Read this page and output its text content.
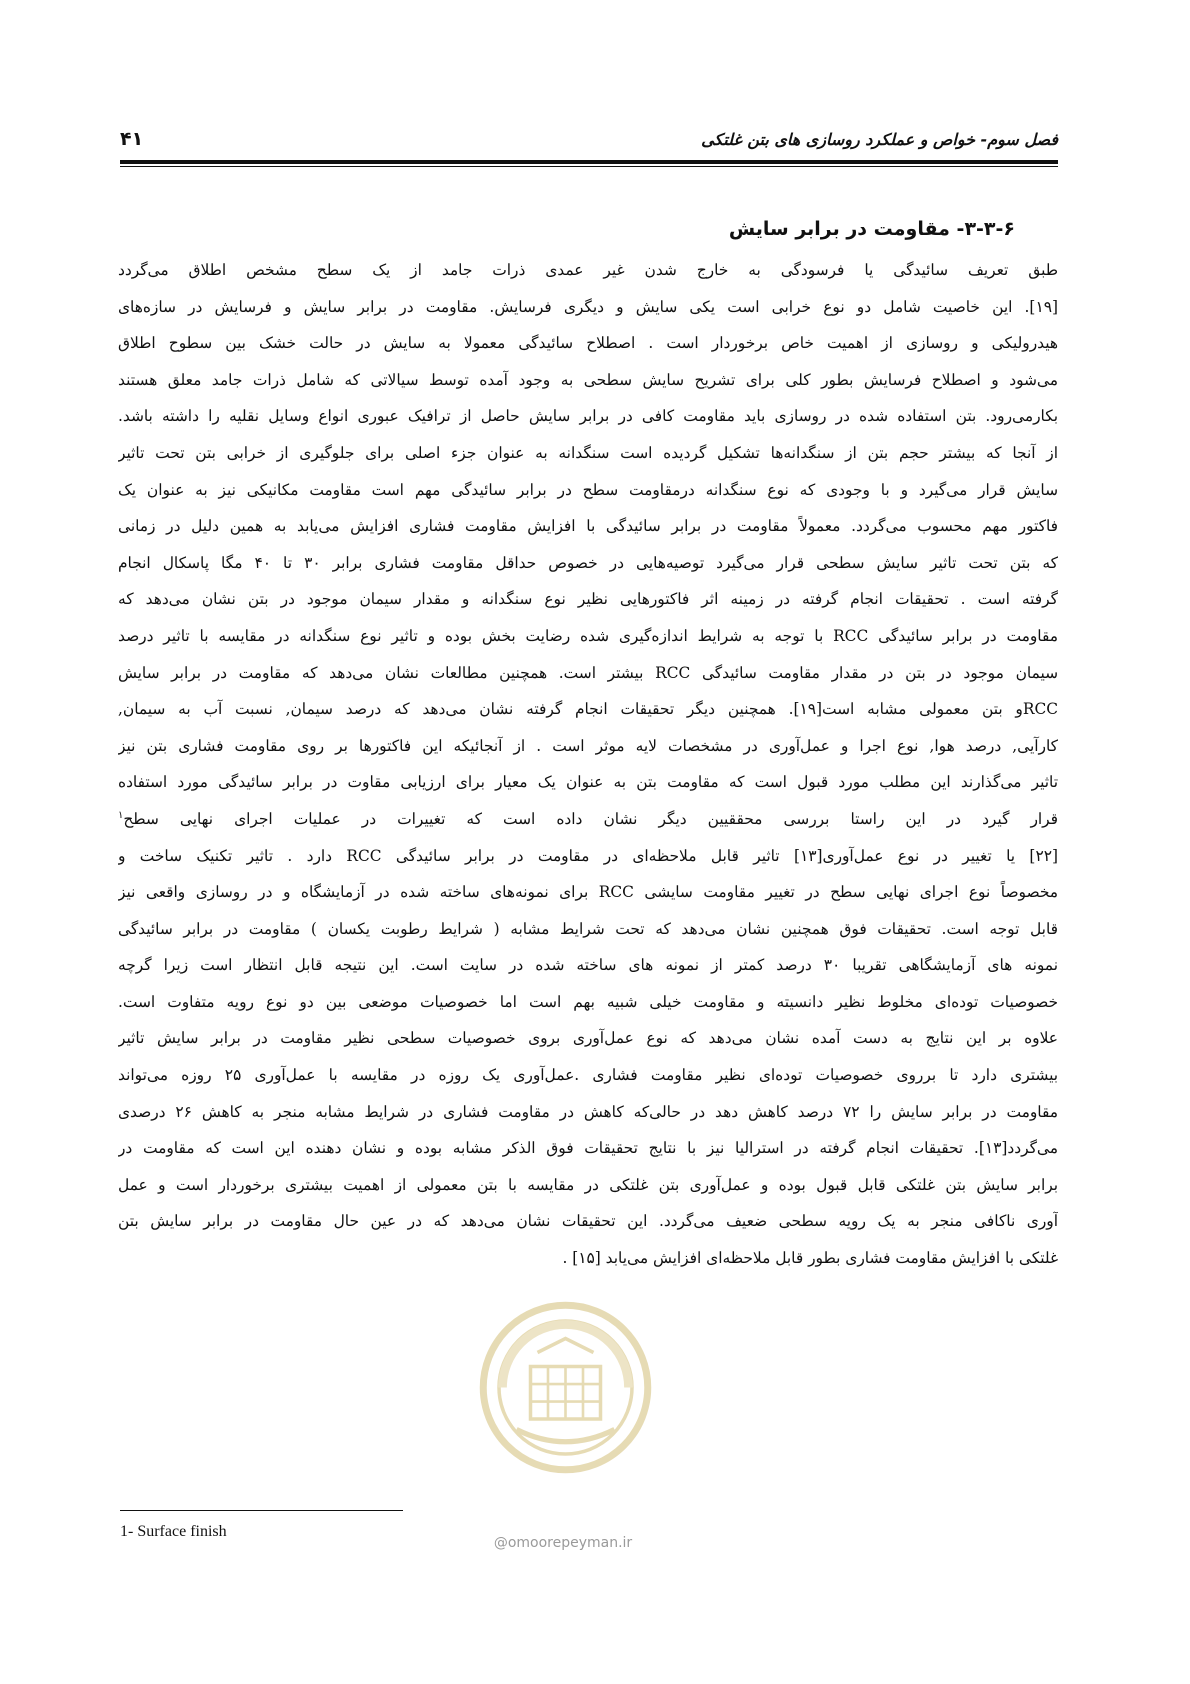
فصل سوم- خواص و عملکرد روسازی های بتن غلتکی
۴۱
۳-۳-۶- مقاومت در برابر سایش
طبق تعریف سائیدگی یا فرسودگی به خارج شدن غیر عمدی ذرات جامد از یک سطح مشخص اطلاق می‌گردد
[۱۹]. این خاصیت شامل دو نوع خرابی است یکی سایش و دیگری فرسایش. مقاومت در برابر سایش و فرسایش در سازه‌های
هیدرولیکی و روسازی از اهمیت خاص برخوردار است . اصطلاح سائیدگی معمولا به سایش در حالت خشک بین سطوح اطلاق
می‌شود و اصطلاح فرسایش بطور کلی برای تشریح سایش سطحی به وجود آمده توسط سیالاتی که شامل ذرات جامد معلق هستند
بکارمی‌رود. بتن استفاده شده در روسازی باید مقاومت کافی در برابر سایش حاصل از ترافیک عبوری انواع وسایل نقلیه را داشته باشد.
از آنجا که بیشتر حجم بتن از سنگدانه‌ها تشکیل گردیده است سنگدانه به عنوان جزء اصلی برای جلوگیری از خرابی بتن تحت تاثیر
سایش قرار می‌گیرد و با وجودی که نوع سنگدانه درمقاومت سطح در برابر سائیدگی مهم است مقاومت مکانیکی نیز به عنوان یک
فاکتور مهم محسوب می‌گردد. معمولاً مقاومت در برابر سائیدگی با افزایش مقاومت فشاری افزایش می‌یابد به همین دلیل در زمانی
که بتن تحت تاثیر سایش سطحی قرار می‌گیرد توصیه‌هایی در خصوص حداقل مقاومت فشاری برابر ۳۰ تا ۴۰ مگا پاسکال انجام
گرفته است . تحقیقات انجام گرفته در زمینه اثر فاکتورهایی نظیر نوع سنگدانه و مقدار سیمان موجود در بتن نشان می‌دهد که
مقاومت در برابر سائیدگی RCC با توجه به شرایط اندازه‌گیری شده رضایت بخش بوده و تاثیر نوع سنگدانه در مقایسه با تاثیر درصد
سیمان موجود در بتن در مقدار مقاومت سائیدگی RCC بیشتر است. همچنین مطالعات نشان می‌دهد که مقاومت در برابر سایش
RCCو بتن معمولی مشابه است[۱۹]. همچنین دیگر تحقیقات انجام گرفته نشان می‌دهد که درصد سیمان, نسبت آب به سیمان,
کارآیی, درصد هوا, نوع اجرا و عمل‌آوری در مشخصات لایه موثر است . از آنجائیکه این فاکتورها بر روی مقاومت فشاری بتن نیز
تاثیر می‌گذارند این مطلب مورد قبول است که مقاومت بتن به عنوان یک معیار برای ارزیابی مقاوت در برابر سائیدگی مورد استفاده
قرار گیرد در این راستا بررسی محققیین دیگر نشان داده است که تغییرات در عملیات اجرای نهایی سطح$^۱$
[۲۲] یا تغییر در نوع عمل‌آوری[۱۳] تاثیر قابل ملاحظه‌ای در مقاومت در برابر سائیدگی RCC دارد . تاثیر تکنیک ساخت و
مخصوصاً نوع اجرای نهایی سطح در تغییر مقاومت سایشی RCC برای نمونه‌های ساخته شده در آزمایشگاه و در روسازی واقعی نیز
قابل توجه است. تحقیقات فوق همچنین نشان می‌دهد که تحت شرایط مشابه ( شرایط رطوبت یکسان ) مقاومت در برابر سائیدگی
نمونه های آزمایشگاهی تقریبا ۳۰ درصد کمتر از نمونه های ساخته شده در سایت است. این نتیجه قابل انتظار است زیرا گرچه
خصوصیات توده‌ای مخلوط نظیر دانسیته و مقاومت خیلی شبیه بهم است اما خصوصیات موضعی بین دو نوع رویه متفاوت است.
علاوه بر این نتایج به دست آمده نشان می‌دهد که نوع عمل‌آوری بروی خصوصیات سطحی نظیر مقاومت در برابر سایش تاثیر
بیشتری دارد تا برروی خصوصیات توده‌ای نظیر مقاومت فشاری .عمل‌آوری یک روزه در مقایسه با عمل‌آوری ۲۵ روزه می‌تواند
مقاومت در برابر سایش را ۷۲ درصد کاهش دهد در حالی‌که کاهش در مقاومت فشاری در شرایط مشابه منجر به کاهش ۲۶ درصدی
می‌گردد[۱۳]. تحقیقات انجام گرفته در استرالیا نیز با نتایج تحقیقات فوق الذکر مشابه بوده و نشان دهنده این است که مقاومت در
برابر سایش بتن غلتکی قابل قبول بوده و عمل‌آوری بتن غلتکی در مقایسه با بتن معمولی از اهمیت بیشتری برخوردار است و عمل
آوری ناکافی منجر به یک رویه سطحی ضعیف می‌گردد. این تحقیقات نشان می‌دهد که در عین حال مقاومت در برابر سایش بتن
غلتکی با افزایش مقاومت فشاری بطور قابل ملاحظه‌ای افزایش می‌یابد [۱۵] .
@omoorepeyman.ir
1- Surface finish
